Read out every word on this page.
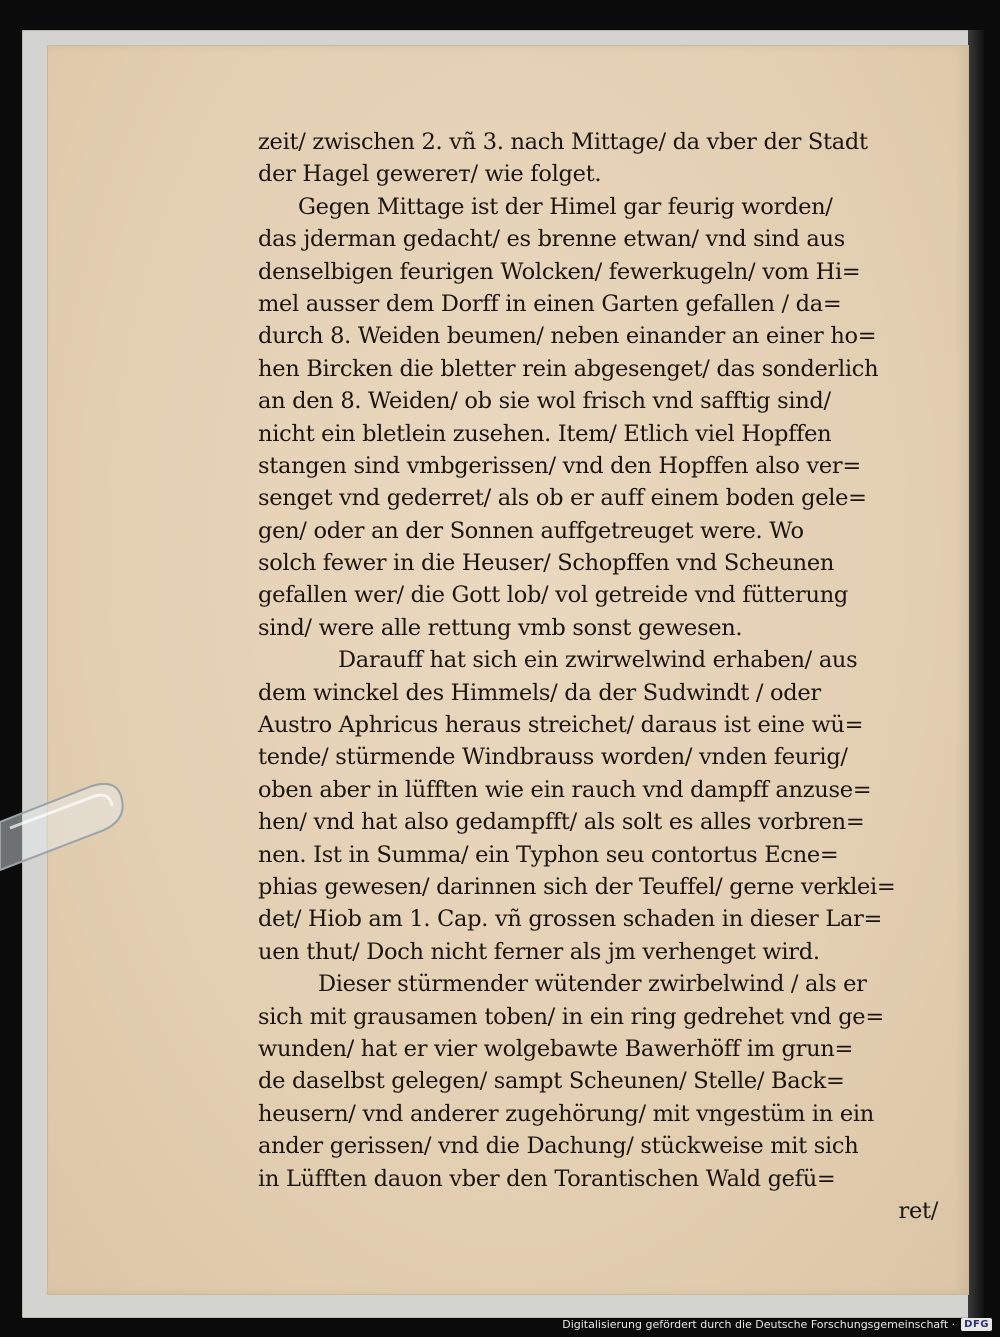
zeit/ zwischen 2. vñ 3. nach Mittage/ da vber der Stadt
der Hagel gewerет/ wie folget.
Gegen Mittage ist der Himel gar feurig worden/
das jderman gedacht/ es brenne etwan/ vnd sind aus
denselbigen feurigen Wolcken/ fewerkugeln/ vom Hi=
mel ausser dem Dorff in einen Garten gefallen / da=
durch 8. Weiden beumen/ neben einander an einer ho=
hen Bircken die bletter rein abgesenget/ das sonderlich
an den 8. Weiden/ ob sie wol frisch vnd safftig sind/
nicht ein bletlein zusehen. Item/ Etlich viel Hopffen
stangen sind vmbgerissen/ vnd den Hopffen also ver=
senget vnd gederret/ als ob er auff einem boden gele=
gen/ oder an der Sonnen auffgetreuget were. Wo
solch fewer in die Heuser/ Schopffen vnd Scheunen
gefallen wer/ die Gott lob/ vol getreide vnd fütterung
sind/ were alle rettung vmb sonst gewesen.
Darauff hat sich ein zwirwelwind erhaben/ aus
dem winckel des Himmels/ da der Sudwindt / oder
Austro Aphricus heraus streichet/ daraus ist eine wü=
tende/ stürmende Windbrauss worden/ vnden feurig/
oben aber in lüfften wie ein rauch vnd dampff anzuse=
hen/ vnd hat also gedampfft/ als solt es alles vorbren=
nen. Ist in Summa/ ein Typhon seu contortus Ecne=
phias gewesen/ darinnen sich der Teuffel/ gerne verklei=
det/ Hiob am 1. Cap. vñ grossen schaden in dieser Lar=
uen thut/ Doch nicht ferner als jm verhenget wird.
Dieser stürmender wütender zwirbelwind / als er
sich mit grausamen toben/ in ein ring gedrehet vnd ge=
wunden/ hat er vier wolgebawte Bawerhöff im grun=
de daselbst gelegen/ sampt Scheunen/ Stelle/ Back=
heusern/ vnd anderer zugehörung/ mit vngestüm in ein
ander gerissen/ vnd die Dachung/ stückweise mit sich
in Lüfften dauon vber den Torantischen Wald gefü=
ret/
Digitalisierung gefördert durch die Deutsche Forschungsgemeinschaft · DFG
